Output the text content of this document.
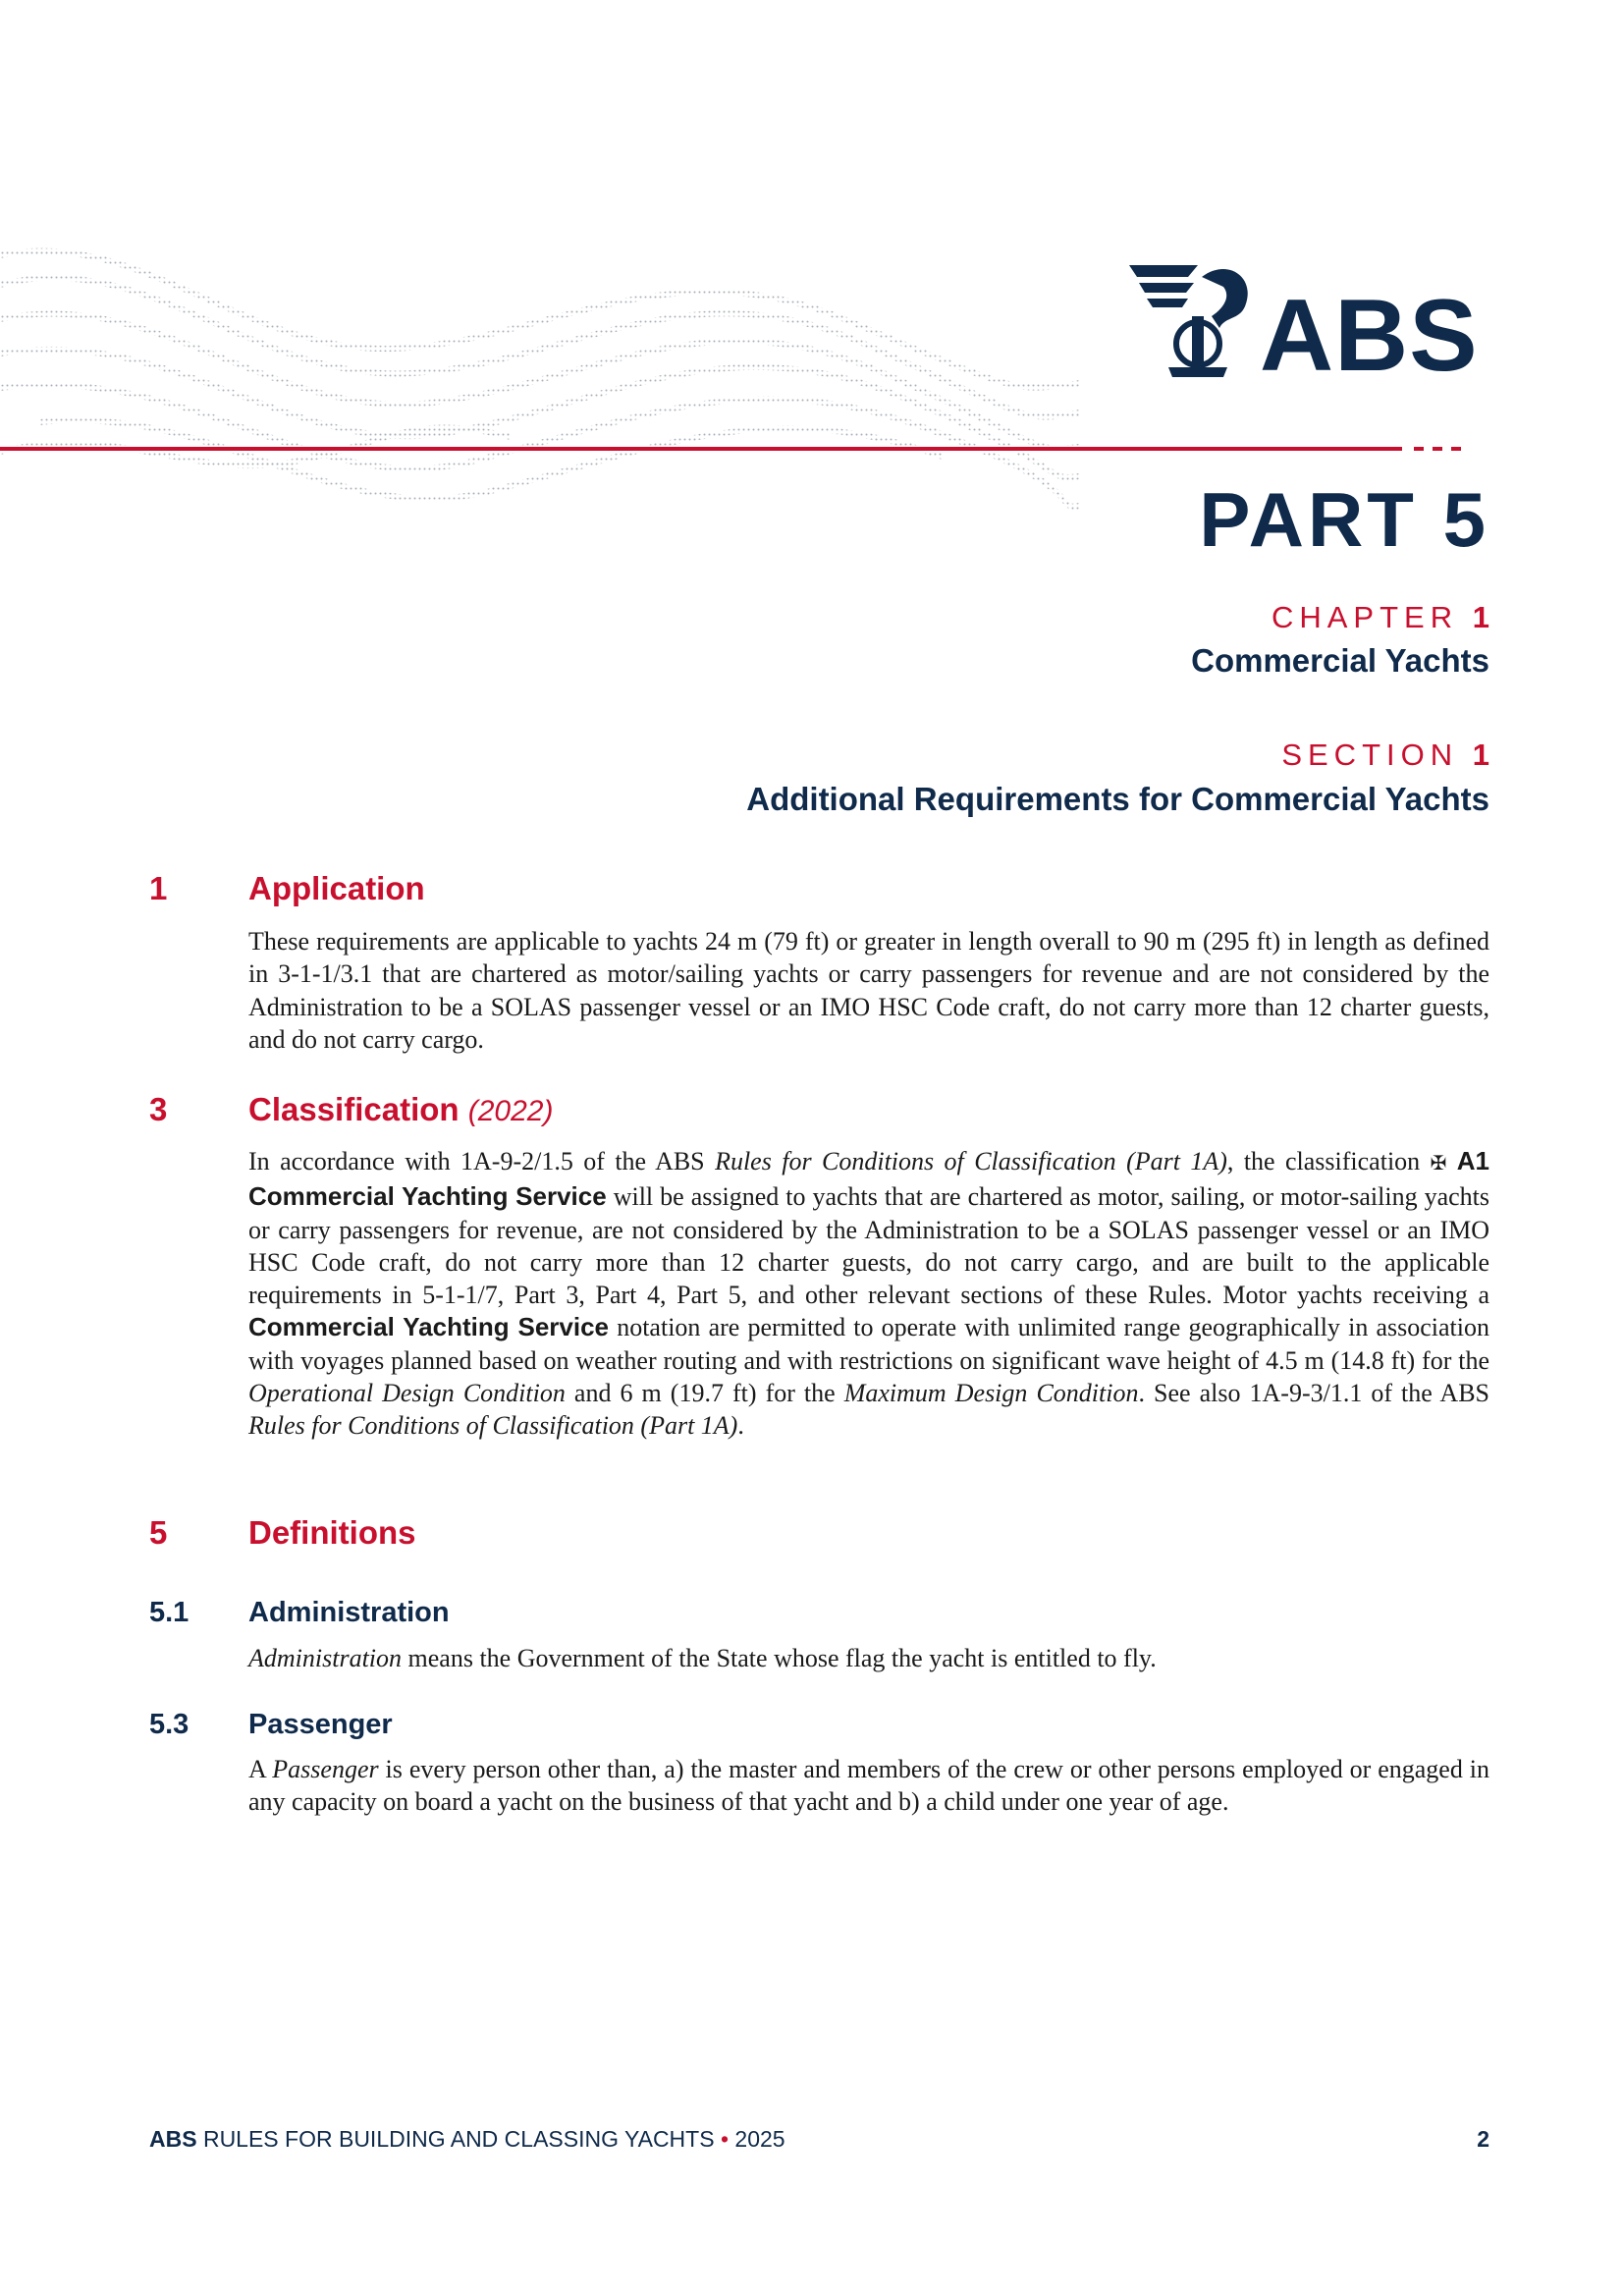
ABS
PART 5
CHAPTER 1
Commercial Yachts
SECTION 1
Additional Requirements for Commercial Yachts
1	Application
These requirements are applicable to yachts 24 m (79 ft) or greater in length overall to 90 m (295 ft) in length as defined in 3-1-1/3.1 that are chartered as motor/sailing yachts or carry passengers for revenue and are not considered by the Administration to be a SOLAS passenger vessel or an IMO HSC Code craft, do not carry more than 12 charter guests, and do not carry cargo.
3	Classification (2022)
In accordance with 1A-9-2/1.5 of the ABS Rules for Conditions of Classification (Part 1A), the classification ✠ A1 Commercial Yachting Service will be assigned to yachts that are chartered as motor, sailing, or motor-sailing yachts or carry passengers for revenue, are not considered by the Administration to be a SOLAS passenger vessel or an IMO HSC Code craft, do not carry more than 12 charter guests, do not carry cargo, and are built to the applicable requirements in 5-1-1/7, Part 3, Part 4, Part 5, and other relevant sections of these Rules. Motor yachts receiving a Commercial Yachting Service notation are permitted to operate with unlimited range geographically in association with voyages planned based on weather routing and with restrictions on significant wave height of 4.5 m (14.8 ft) for the Operational Design Condition and 6 m (19.7 ft) for the Maximum Design Condition. See also 1A-9-3/1.1 of the ABS Rules for Conditions of Classification (Part 1A).
5	Definitions
5.1 Administration
Administration means the Government of the State whose flag the yacht is entitled to fly.
5.3 Passenger
A Passenger is every person other than, a) the master and members of the crew or other persons employed or engaged in any capacity on board a yacht on the business of that yacht and b) a child under one year of age.
ABS RULES FOR BUILDING AND CLASSING YACHTS • 2025	2
